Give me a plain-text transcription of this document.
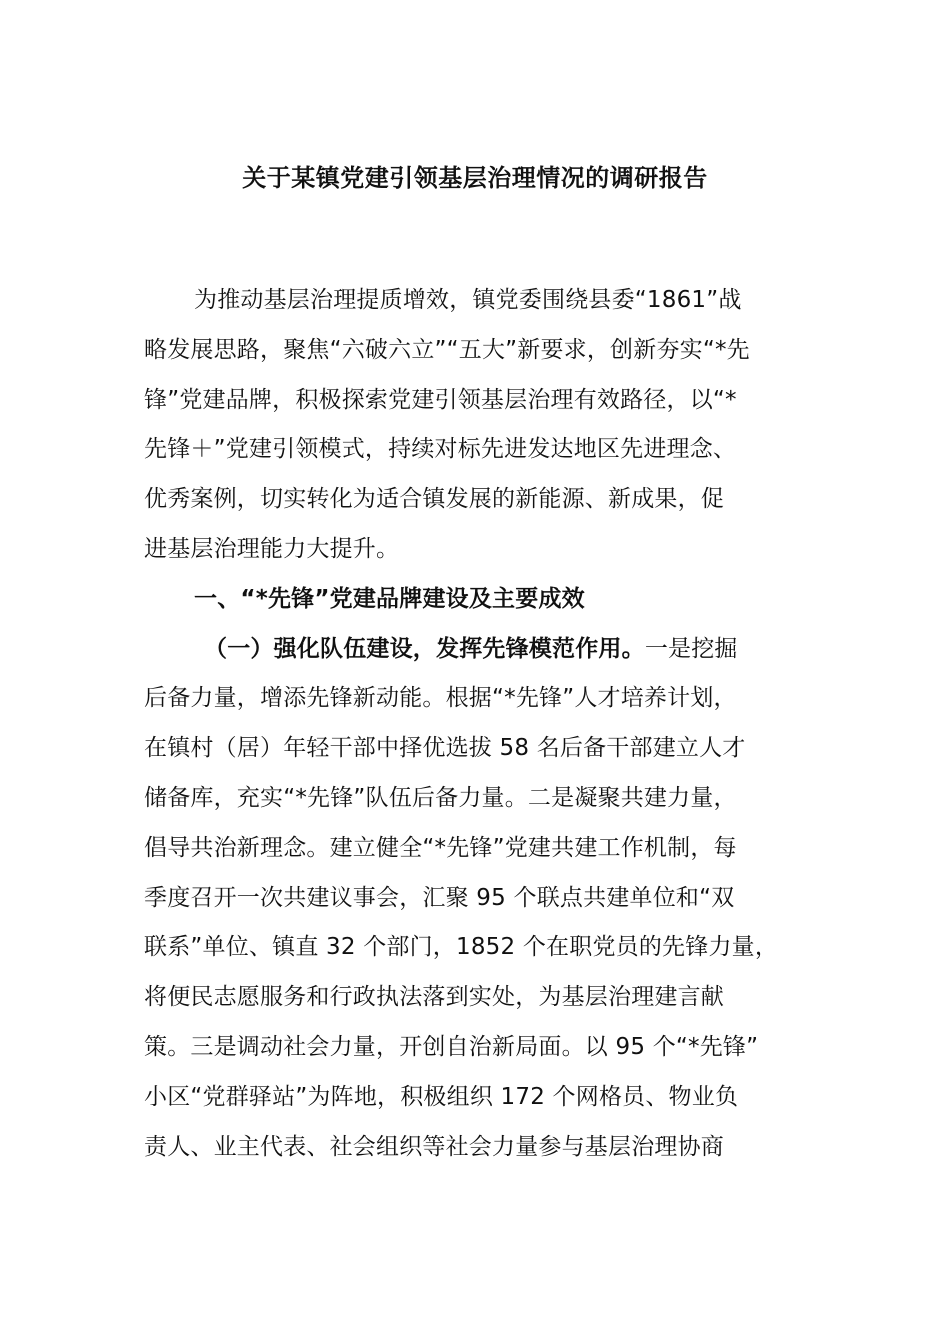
关于某镇党建引领基层治理情况的调研报告
为推动基层治理提质增效，镇党委围绕县委“1861”战
略发展思路，聚焦“六破六立”“五大”新要求，创新夯实“*先
锋”党建品牌，积极探索党建引领基层治理有效路径，以“*
先锋＋”党建引领模式，持续对标先进发达地区先进理念、
优秀案例，切实转化为适合镇发展的新能源、新成果，促
进基层治理能力大提升。
一、“*先锋”党建品牌建设及主要成效
（一）强化队伍建设，发挥先锋模范作用。一是挖掘
后备力量，增添先锋新动能。根据“*先锋”人才培养计划，
在镇村（居）年轻干部中择优选拔 58 名后备干部建立人才
储备库，充实“*先锋”队伍后备力量。二是凝聚共建力量，
倡导共治新理念。建立健全“*先锋”党建共建工作机制，每
季度召开一次共建议事会，汇聚 95 个联点共建单位和“双
联系”单位、镇直 32 个部门，1852 个在职党员的先锋力量，
将便民志愿服务和行政执法落到实处，为基层治理建言献
策。三是调动社会力量，开创自治新局面。以 95 个“*先锋”
小区“党群驿站”为阵地，积极组织 172 个网格员、物业负
责人、业主代表、社会组织等社会力量参与基层治理协商
